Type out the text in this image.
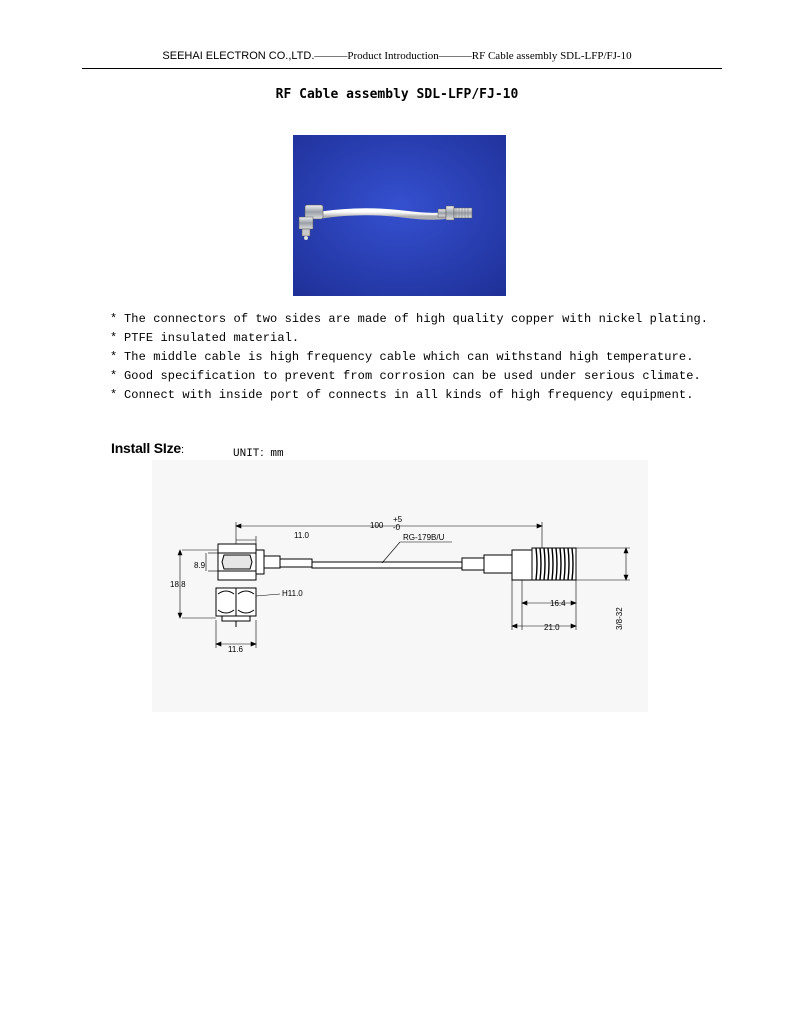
SEEHAI ELECTRON CO.,LTD.———Product Introduction———RF Cable assembly SDL-LFP/FJ-10
RF Cable assembly SDL-LFP/FJ-10
* The connectors of two sides are made of high quality copper with nickel plating.
* PTFE insulated material.
* The middle cable is high frequency cable which can withstand high temperature.
* Good specification to prevent from corrosion can be used under serious climate.
* Connect with inside port of connects in all kinds of high frequency equipment.
Install SIze:	UNIT：mm
100
+5
-0
RG-179B/U
11.0
8.9
18.8
H11.0
11.6
16.4
21.0	3/8-32
